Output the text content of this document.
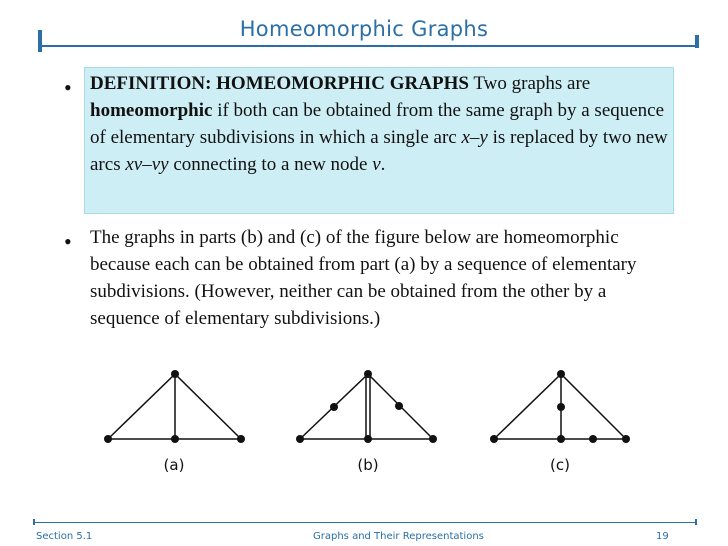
Homeomorphic Graphs
• DEFINITION: HOMEOMORPHIC GRAPHS Two graphs are homeomorphic if both can be obtained from the same graph by a sequence of elementary subdivisions in which a single arc x–y is replaced by two new arcs xv–vy connecting to a new node v.
• The graphs in parts (b) and (c) of the figure below are homeomorphic because each can be obtained from part (a) by a sequence of elementary subdivisions. (However, neither can be obtained from the other by a sequence of elementary subdivisions.)
(a)	(b)	(c)
Section 5.1	Graphs and Their Representations	19
